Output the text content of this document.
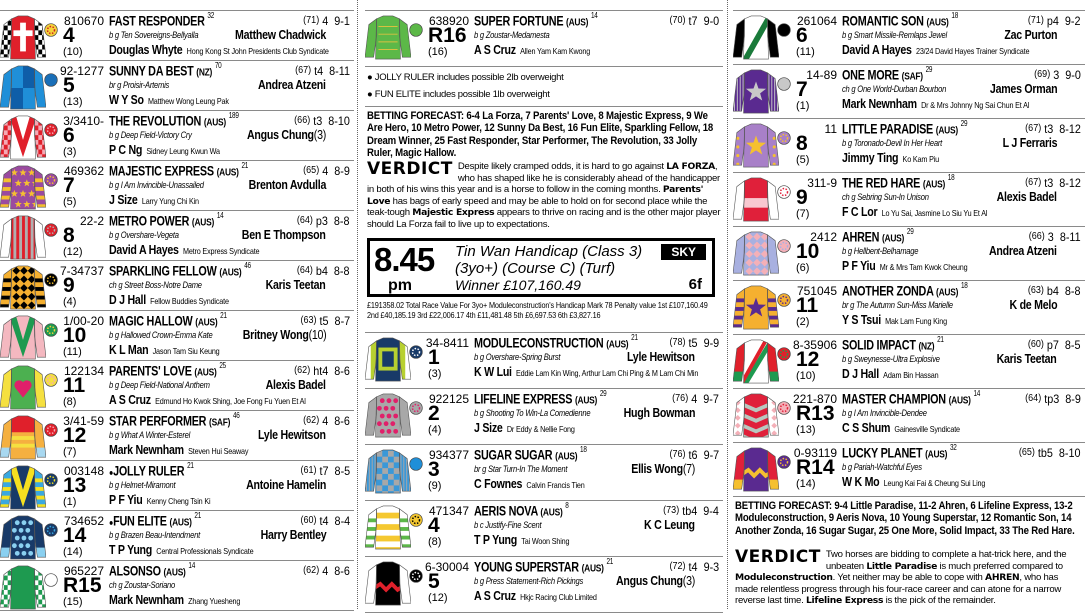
810670
4
(10)
FAST RESPONDER $^{32}$
b g Ten Sovereigns-Bellyalla
Douglas Whyte Hong Kong St John Presidents Club Syndicate
(71) 4 9-1
Matthew Chadwick
92-1277
5
(13)
SUNNY DA BEST (NZ) $^{70}$
br g Proisir-Artemis
W Y So Matthew Wong Leung Pak
(67) t4 8-11
Andrea Atzeni
3/3410-
6
(3)
THE REVOLUTION (AUS) $^{189}$
b g Deep Field-Victory Cry
P C Ng Sidney Leung Kwun Wa
(66) t3 8-10
Angus Chung(3)
469362
7
(5)
MAJESTIC EXPRESS (AUS) $^{21}$
b g I Am Invincible-Unassailed
J Size Larry Yung Chi Kin
(65) 4 8-9
Brenton Avdulla
22-2
8
(12)
METRO POWER (AUS) $^{14}$
b g Overshare-Vegeta
David A Hayes Metro Express Syndicate
(64) p3 8-8
Ben E Thompson
7-34737
9
(4)
SPARKLING FELLOW (AUS) $^{46}$
ch g Street Boss-Notre Dame
D J Hall Fellow Buddies Syndicate
(64) b4 8-8
Karis Teetan
1/00-20
10
(11)
MAGIC HALLOW (AUS) $^{21}$
b g Hallowed Crown-Emma Kate
K L Man Jason Tam Siu Keung
(63) t5 8-7
Britney Wong(10)
122134
11
(8)
PARENTS' LOVE (AUS) $^{25}$
b g Deep Field-National Anthem
A S Cruz Edmund Ho Kwok Shing, Joe Fong Fu Yuen Et Al
(62) ht4 8-6
Alexis Badel
3/41-59
12
(7)
STAR PERFORMER (SAF) $^{46}$
b g What A Winter-Esterel
Mark Newnham Steven Hui Seaway
(62) 4 8-6
Lyle Hewitson
003148
13
(1)
●JOLLY RULER $^{21}$
b g Helmet-Miramont
P F Yiu Kenny Cheng Tsin Ki
(61) t7 8-5
Antoine Hamelin
734652
14
(14)
●FUN ELITE (AUS) $^{21}$
b g Brazen Beau-Intendment
T P Yung Central Professionals Syndicate
(60) t4 8-4
Harry Bentley
965227
R15
(15)
ALSONSO (AUS) $^{14}$
ch g Zoustar-Soriano
Mark Newnham Zhang Yuesheng
(62) 4 8-6
638920
R16
(16)
SUPER FORTUNE (AUS) $^{14}$
b g Zoustar-Medamesta
A S Cruz Allen Yam Kam Kwong
(70) t7 9-0
● JOLLY RULER includes possible 2lb overweight
● FUN ELITE includes possible 1lb overweight
BETTING FORECAST: 6-4 La Forza, 7 Parents' Love, 8 Majestic Express, 9 We Are Hero, 10 Metro Power, 12 Sunny Da Best, 16 Fun Elite, Sparkling Fellow, 18 Dream Winner, 25 Fast Responder, Star Performer, The Revolution, 33 Jolly Ruler, Magic Hallow.
VERDICT Despite likely cramped odds, it is hard to go against LA FORZA, who has shaped like he is considerably ahead of the handicapper in both of his wins this year and is a horse to follow in the coming months. Parents' Love has bags of early speed and may be able to hold on for second place while the teak-tough Majestic Express appears to thrive on racing and is the other major player should La Forza fail to live up to expectations.
8.45
pm
Tin Wan Handicap (Class 3)
(3yo+) (Course C) (Turf)
Winner £107,160.49
SKY
6f
£191358.02 Total Race Value For 3yo+ Moduleconstruction's Handicap Mark 78 Penalty value 1st £107,160.49 2nd £40,185.19 3rd £22,006.17 4th £11,481.48 5th £6,697.53 6th £3,827.16
34-8411
1
(3)
MODULECONSTRUCTION (AUS) $^{21}$
b g Overshare-Spring Burst
K W Lui Eddie Lam Kin Wing, Arthur Lam Chi Ping & M Lam Chi Min
(78) t5 9-9
Lyle Hewitson
922125
2
(4)
LIFELINE EXPRESS (AUS) $^{29}$
b g Shooting To Win-La Comedienne
J Size Dr Eddy & Nellie Fong
(76) 4 9-7
Hugh Bowman
934377
3
(9)
SUGAR SUGAR (AUS) $^{18}$
br g Star Turn-In The Moment
C Fownes Calvin Francis Tien
(76) t6 9-7
Ellis Wong(7)
471347
4
(8)
AERIS NOVA (AUS) $^8$
b c Justify-Fine Scent
T P Yung Tai Woon Shing
(73) tb4 9-4
K C Leung
6-30004
5
(12)
YOUNG SUPERSTAR (AUS) $^{21}$
b g Press Statement-Rich Pickings
A S Cruz Hkjc Racing Club Limited
(72) t4 9-3
Angus Chung(3)
261064
6
(11)
ROMANTIC SON (AUS) $^{18}$
b g Smart Missile-Remlaps Jewel
David A Hayes 23/24 David Hayes Trainer Syndicate
(71) p4 9-2
Zac Purton
14-89
7
(1)
ONE MORE (SAF) $^{29}$
ch g One World-Durban Bourbon
Mark Newnham Dr & Mrs Johnny Ng Sai Chun Et Al
(69) 3 9-0
James Orman
11
8
(5)
LITTLE PARADISE (AUS) $^{29}$
b g Toronado-Devil In Her Heart
Jimmy Ting Ko Kam Piu
(67) t3 8-12
L J Ferraris
311-9
9
(7)
THE RED HARE (AUS) $^{18}$
ch g Sebring Sun-In Unison
F C Lor Lo Yu Sai, Jasmine Lo Siu Yu Et Al
(67) t3 8-12
Alexis Badel
2412
10
(6)
AHREN (AUS) $^{29}$
b g Hellbent-Belhamage
P F Yiu Mr & Mrs Tam Kwok Cheung
(66) 3 8-11
Andrea Atzeni
751045
11
(2)
ANOTHER ZONDA (AUS) $^{18}$
br g The Autumn Sun-Miss Marielle
Y S Tsui Mak Lam Fung King
(63) b4 8-8
K de Melo
8-35906
12
(10)
SOLID IMPACT (NZ) $^{21}$
b g Sweynesse-Ultra Explosive
D J Hall Adam Bin Hassan
(60) p7 8-5
Karis Teetan
221-870
R13
(13)
MASTER CHAMPION (AUS) $^{14}$
b g I Am Invincible-Dendee
C S Shum Gainesville Syndicate
(64) tp3 8-9
0-93119
R14
(14)
LUCKY PLANET (AUS) $^{32}$
b g Pariah-Watchful Eyes
W K Mo Leung Kai Fai & Cheung Sui Ling
(65) tb5 8-10
BETTING FORECAST: 9-4 Little Paradise, 11-2 Ahren, 6 Lifeline Express, 13-2 Moduleconstruction, 9 Aeris Nova, 10 Young Superstar, 12 Romantic Son, 14 Another Zonda, 16 Sugar Sugar, 25 One More, Solid Impact, 33 The Red Hare.
VERDICT Two horses are bidding to complete a hat-trick here, and the unbeaten Little Paradise is much preferred compared to Moduleconstruction. Yet neither may be able to cope with AHREN, who has made relentless progress through his four-race career and can atone for a narrow reverse last time. Lifeline Express is the pick of the remainder.
